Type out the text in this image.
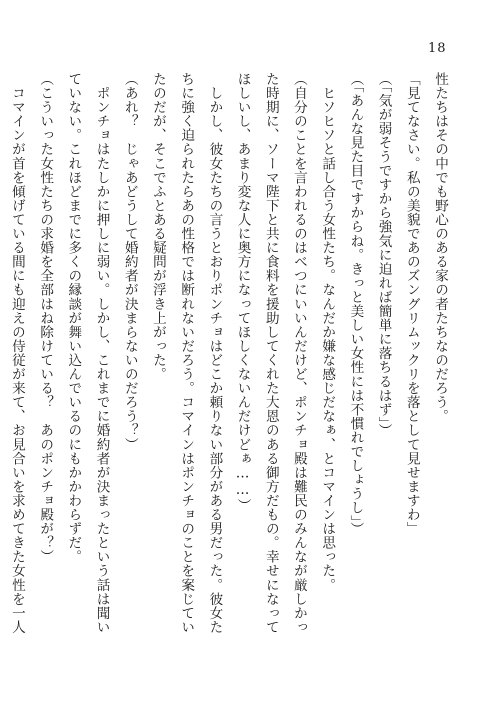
18
性たちはその中でも野心のある家の者たちなのだろう。
「見てなさい。私の美貌であのズングリムックリを落として見せますわ」
（「気が弱そうですから強気に迫れば簡単に落ちるはず」）
（「あんな見た目ですからね。きっと美しい女性には不慣れでしょうし」）
　ヒソヒソと話し合う女性たち。なんだか嫌な感じだなぁ、とコマインは思った。
（自分のことを言われるのはべつにいいんだけど、ポンチョ殿は難民のみんなが厳しかっ
た時期に、ソーマ陛下と共に食料を援助してくれた大恩のある御方だもの。幸せになって
ほしいし、あまり変な人に奥方になってほしくないんだけどぁ……）
　しかし、彼女たちの言うとおりポンチョはどこか頼りない部分がある男だった。彼女た
ちに強く迫られたらあの性格では断れないだろう。コマインはポンチョのことを案じてい
たのだが、そこでふとある疑問が浮き上がった。
（あれ？　じゃあどうして婚約者が決まらないのだろう？）
　ポンチョはたしかに押しに弱い。しかし、これまでに婚約者が決まったという話は聞い
ていない。これほどまでに多くの縁談が舞い込んでいるのにもかかわらずだ。
（こういった女性たちの求婚を全部はね除けている？　あのポンチョ殿が？）
　コマインが首を傾げている間にも迎えの侍従が来て、お見合いを求めてきた女性を一人
